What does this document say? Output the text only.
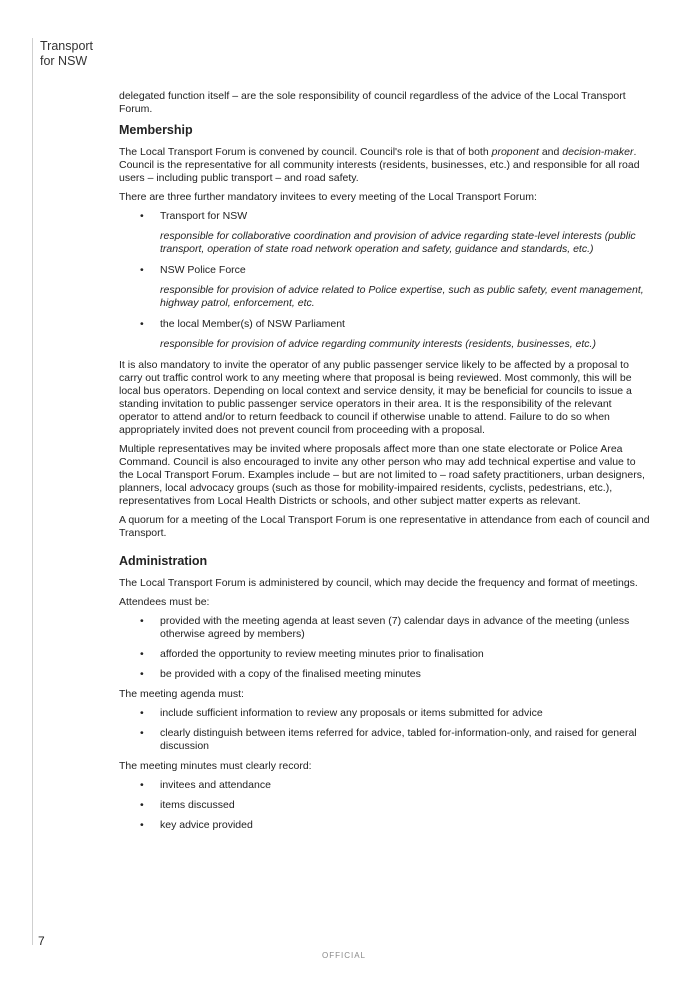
Transport
for NSW

delegated function itself – are the sole responsibility of council regardless of the advice of the Local Transport Forum.

Membership

The Local Transport Forum is convened by council. Council's role is that of both proponent and decision-maker. Council is the representative for all community interests (residents, businesses, etc.) and responsible for all road users – including public transport – and road safety.

There are three further mandatory invitees to every meeting of the Local Transport Forum:

• Transport for NSW
responsible for collaborative coordination and provision of advice regarding state-level interests (public transport, operation of state road network operation and safety, guidance and standards, etc.)
• NSW Police Force
responsible for provision of advice related to Police expertise, such as public safety, event management, highway patrol, enforcement, etc.
• the local Member(s) of NSW Parliament
responsible for provision of advice regarding community interests (residents, businesses, etc.)

It is also mandatory to invite the operator of any public passenger service likely to be affected by a proposal to carry out traffic control work to any meeting where that proposal is being reviewed. Most commonly, this will be local bus operators. Depending on local context and service density, it may be beneficial for councils to issue a standing invitation to public passenger service operators in their area. It is the responsibility of the relevant operator to attend and/or to return feedback to council if otherwise unable to attend. Failure to do so when appropriately invited does not prevent council from proceeding with a proposal.

Multiple representatives may be invited where proposals affect more than one state electorate or Police Area Command. Council is also encouraged to invite any other person who may add technical expertise and value to the Local Transport Forum. Examples include – but are not limited to – road safety practitioners, urban designers, planners, local advocacy groups (such as those for mobility-impaired residents, cyclists, pedestrians, etc.), representatives from Local Health Districts or schools, and other subject matter experts as relevant.

A quorum for a meeting of the Local Transport Forum is one representative in attendance from each of council and Transport.

Administration

The Local Transport Forum is administered by council, which may decide the frequency and format of meetings.

Attendees must be:

• provided with the meeting agenda at least seven (7) calendar days in advance of the meeting (unless otherwise agreed by members)
• afforded the opportunity to review meeting minutes prior to finalisation
• be provided with a copy of the finalised meeting minutes

The meeting agenda must:

• include sufficient information to review any proposals or items submitted for advice
• clearly distinguish between items referred for advice, tabled for-information-only, and raised for general discussion

The meeting minutes must clearly record:

• invitees and attendance
• items discussed
• key advice provided
7
OFFICIAL
